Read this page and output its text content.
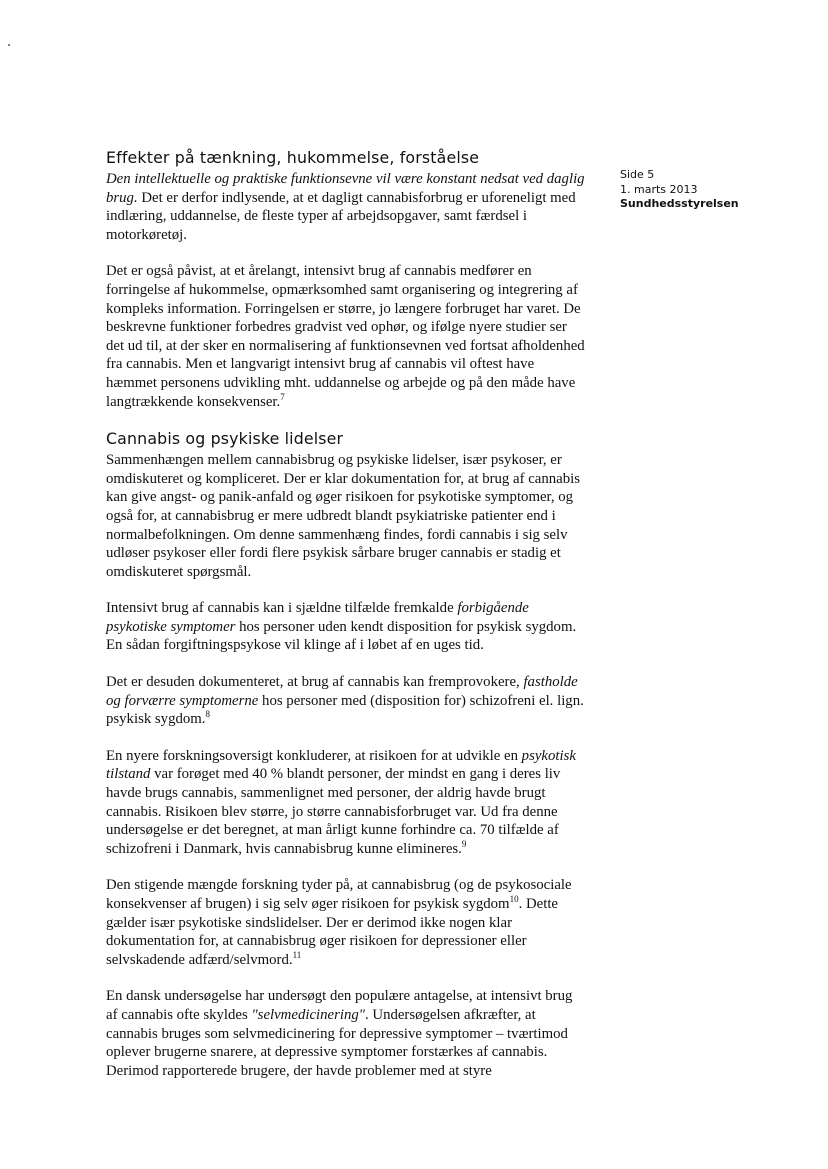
Side 5
1. marts 2013
Sundhedsstyrelsen
Effekter på tænkning, hukommelse, forståelse

Den intellektuelle og praktiske funktionsevne vil være konstant nedsat ved daglig brug. Det er derfor indlysende, at et dagligt cannabisforbrug er uforeneligt med indlæring, uddannelse, de fleste typer af arbejdsopgaver, samt færdsel i motorkøretøj.

Det er også påvist, at et årelangt, intensivt brug af cannabis medfører en forringelse af hukommelse, opmærksomhed samt organisering og integrering af kompleks information. Forringelsen er større, jo længere forbruget har varet. De beskrevne funktioner forbedres gradvist ved ophør, og ifølge nyere studier ser det ud til, at der sker en normalisering af funktionsevnen ved fortsat afholdenhed fra cannabis. Men et langvarigt intensivt brug af cannabis vil oftest have hæmmet personens udvikling mht. uddannelse og arbejde og på den måde have langtrækkende konsekvenser.$^7$

Cannabis og psykiske lidelser

Sammenhængen mellem cannabisbrug og psykiske lidelser, især psykoser, er omdiskuteret og kompliceret. Der er klar dokumentation for, at brug af cannabis kan give angst- og panik-anfald og øger risikoen for psykotiske symptomer, og også for, at cannabisbrug er mere udbredt blandt psykiatriske patienter end i normalbefolkningen. Om denne sammenhæng findes, fordi cannabis i sig selv udløser psykoser eller fordi flere psykisk sårbare bruger cannabis er stadig et omdiskuteret spørgsmål.

Intensivt brug af cannabis kan i sjældne tilfælde fremkalde forbigående psykotiske symptomer hos personer uden kendt disposition for psykisk sygdom. En sådan forgiftningspsykose vil klinge af i løbet af en uges tid.

Det er desuden dokumenteret, at brug af cannabis kan fremprovokere, fastholde og forværre symptomerne hos personer med (disposition for) schizofreni el. lign. psykisk sygdom.$^8$

En nyere forskningsoversigt konkluderer, at risikoen for at udvikle en psykotisk tilstand var forøget med 40 % blandt personer, der mindst en gang i deres liv havde brugs cannabis, sammenlignet med personer, der aldrig havde brugt cannabis. Risikoen blev større, jo større cannabisforbruget var. Ud fra denne undersøgelse er det beregnet, at man årligt kunne forhindre ca. 70 tilfælde af schizofreni i Danmark, hvis cannabisbrug kunne elimineres.$^9$

Den stigende mængde forskning tyder på, at cannabisbrug (og de psykosociale konsekvenser af brugen) i sig selv øger risikoen for psykisk sygdom$^{10}$. Dette gælder især psykotiske sindslidelser. Der er derimod ikke nogen klar dokumentation for, at cannabisbrug øger risikoen for depressioner eller selvskadende adfærd/selvmord.$^{11}$

En dansk undersøgelse har undersøgt den populære antagelse, at intensivt brug af cannabis ofte skyldes "selvmedicinering". Undersøgelsen afkræfter, at cannabis bruges som selvmedicinering for depressive symptomer – tværtimod oplever brugerne snarere, at depressive symptomer forstærkes af cannabis. Derimod rapporterede brugere, der havde problemer med at styre
